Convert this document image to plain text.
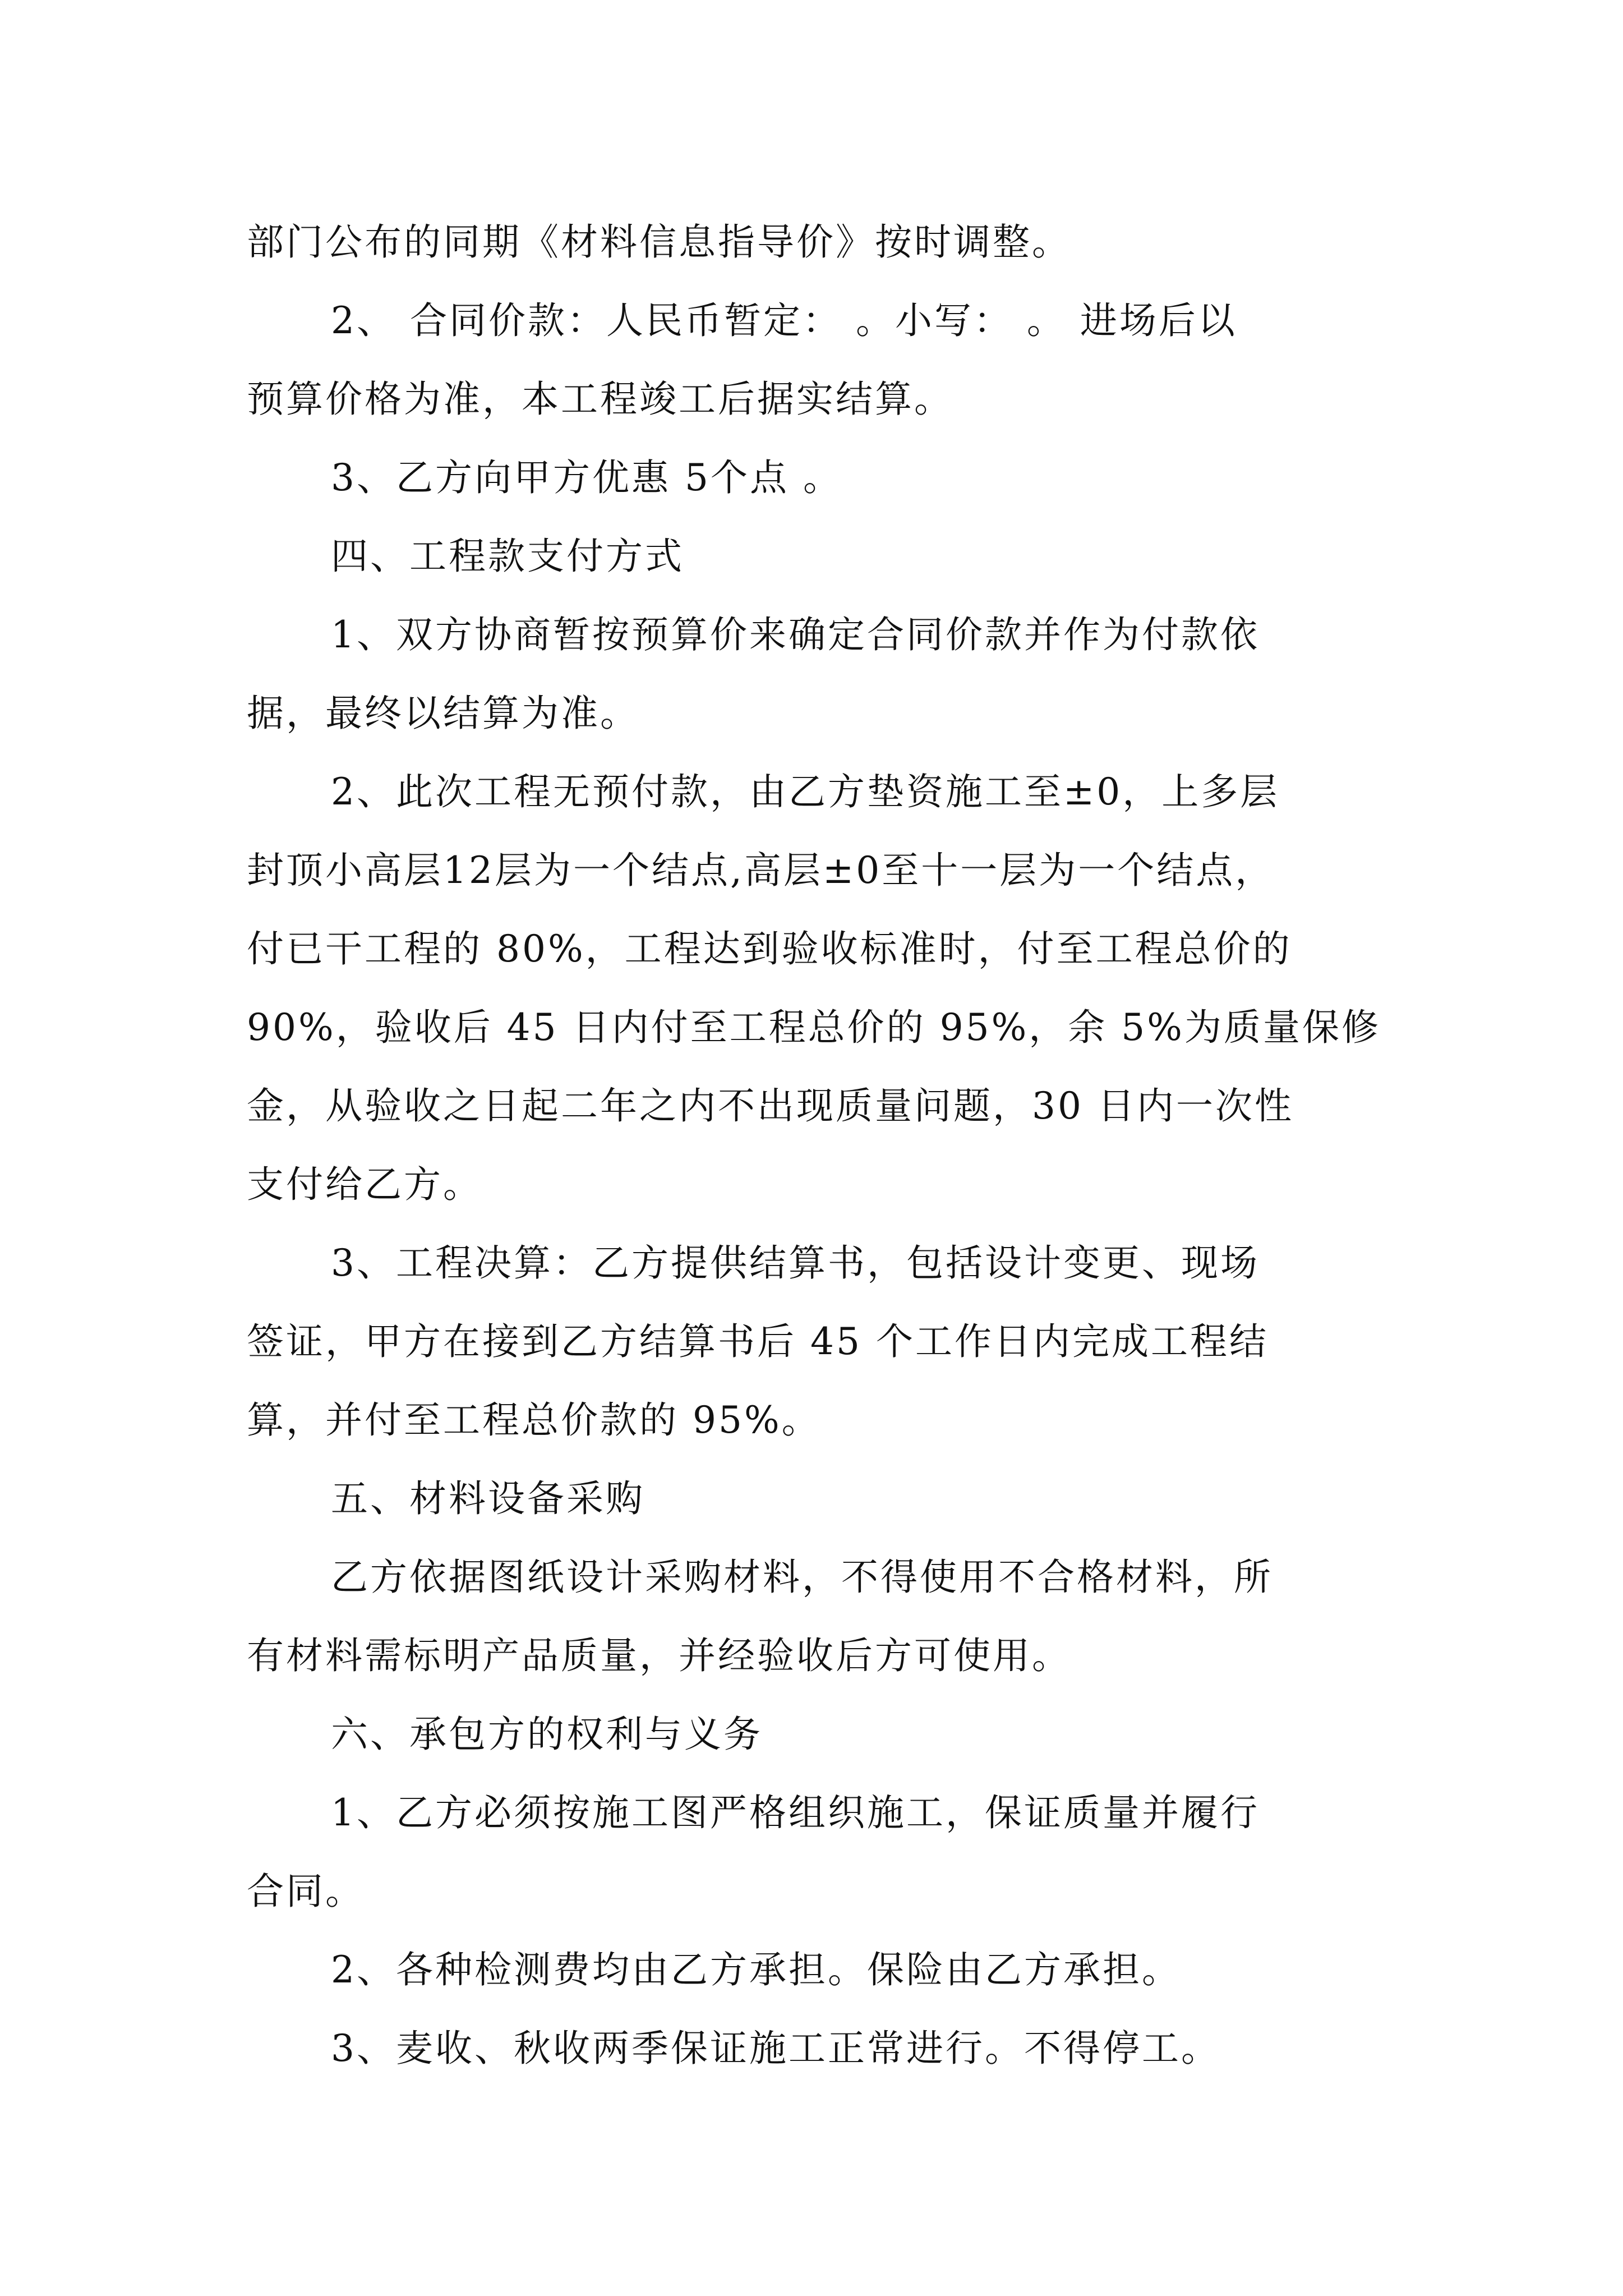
部门公布的同期《材料信息指导价》按时调整。
2、 合同价款：人民币暂定： 。小写： 。 进场后以
预算价格为准，本工程竣工后据实结算。
3、乙方向甲方优惠 5个点 。
四、工程款支付方式
1、双方协商暂按预算价来确定合同价款并作为付款依
据，最终以结算为准。
2、此次工程无预付款，由乙方垫资施工至±0，上多层
封顶小高层12层为一个结点,高层±0至十一层为一个结点，
付已干工程的 80%，工程达到验收标准时，付至工程总价的
90%，验收后 45 日内付至工程总价的 95%，余 5%为质量保修
金，从验收之日起二年之内不出现质量问题，30 日内一次性
支付给乙方。
3、工程决算：乙方提供结算书，包括设计变更、现场
签证，甲方在接到乙方结算书后 45 个工作日内完成工程结
算，并付至工程总价款的 95%。
五、材料设备采购
乙方依据图纸设计采购材料，不得使用不合格材料，所
有材料需标明产品质量，并经验收后方可使用。
六、承包方的权利与义务
1、乙方必须按施工图严格组织施工，保证质量并履行
合同。
2、各种检测费均由乙方承担。保险由乙方承担。
3、麦收、秋收两季保证施工正常进行。不得停工。
